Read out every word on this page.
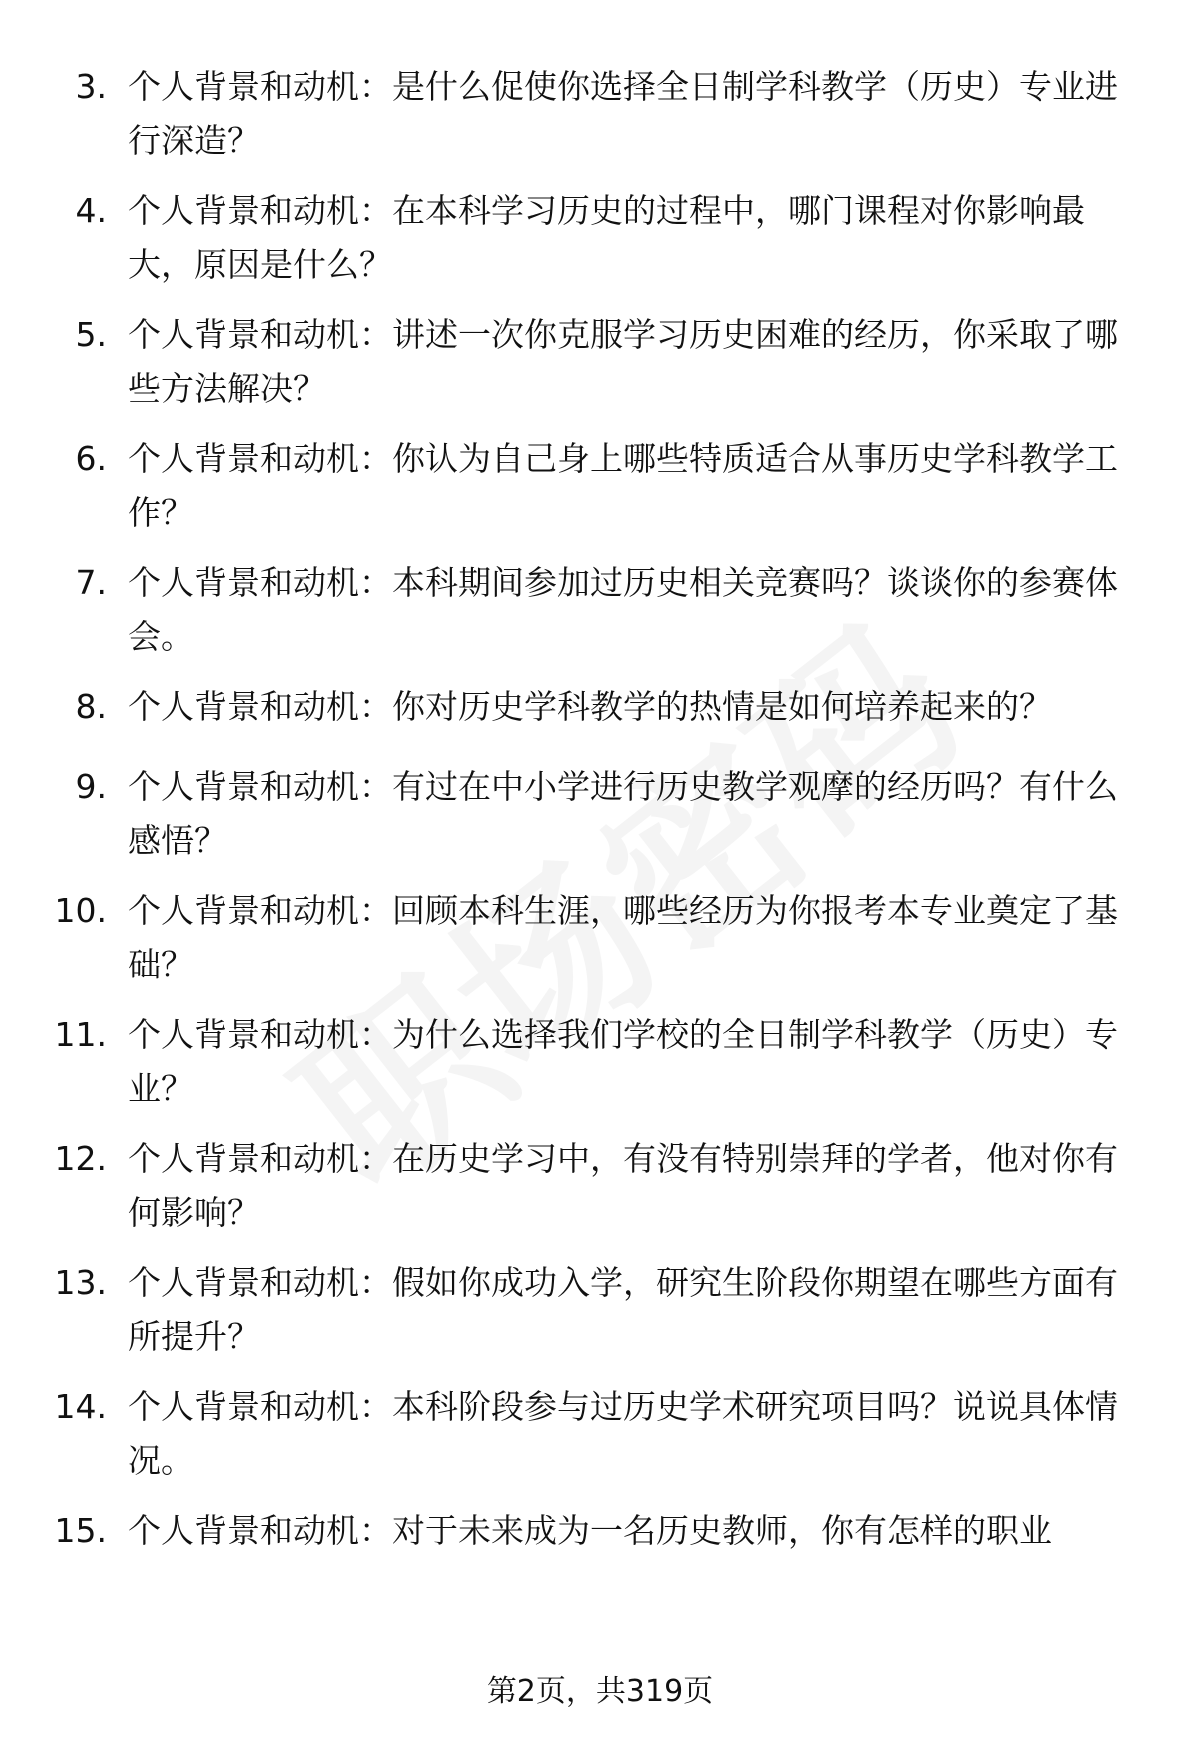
3. 个人背景和动机：是什么促使你选择全日制学科教学（历史）专业进行深造？
4. 个人背景和动机：在本科学习历史的过程中，哪门课程对你影响最大，原因是什么？
5. 个人背景和动机：讲述一次你克服学习历史困难的经历，你采取了哪些方法解决？
6. 个人背景和动机：你认为自己身上哪些特质适合从事历史学科教学工作？
7. 个人背景和动机：本科期间参加过历史相关竞赛吗？谈谈你的参赛体会。
8. 个人背景和动机：你对历史学科教学的热情是如何培养起来的？
9. 个人背景和动机：有过在中小学进行历史教学观摩的经历吗？有什么感悟？
10. 个人背景和动机：回顾本科生涯，哪些经历为你报考本专业奠定了基础？
11. 个人背景和动机：为什么选择我们学校的全日制学科教学（历史）专业？
12. 个人背景和动机：在历史学习中，有没有特别崇拜的学者，他对你有何影响？
13. 个人背景和动机：假如你成功入学，研究生阶段你期望在哪些方面有所提升？
14. 个人背景和动机：本科阶段参与过历史学术研究项目吗？说说具体情况。
15. 个人背景和动机：对于未来成为一名历史教师，你有怎样的职业
第2页，共319页
